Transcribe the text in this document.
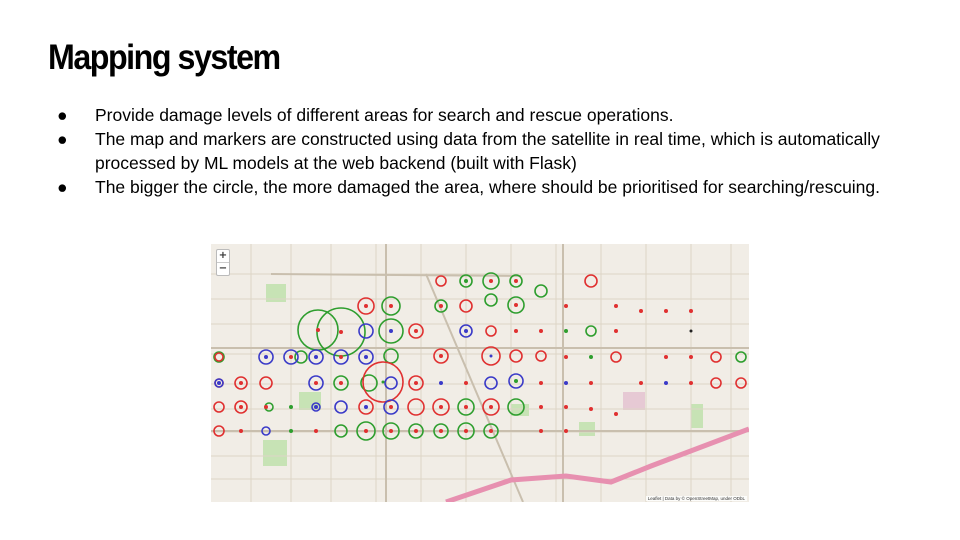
Mapping system
● Provide damage levels of different areas for search and rescue operations.
● The map and markers are constructed using data from the satellite in real time, which is automatically processed by ML models at the web backend (built with Flask)
● The bigger the circle, the more damaged the area, where should be prioritised for searching/rescuing.
+
−
Leaflet | Data by © OpenStreetMap, under ODbL
